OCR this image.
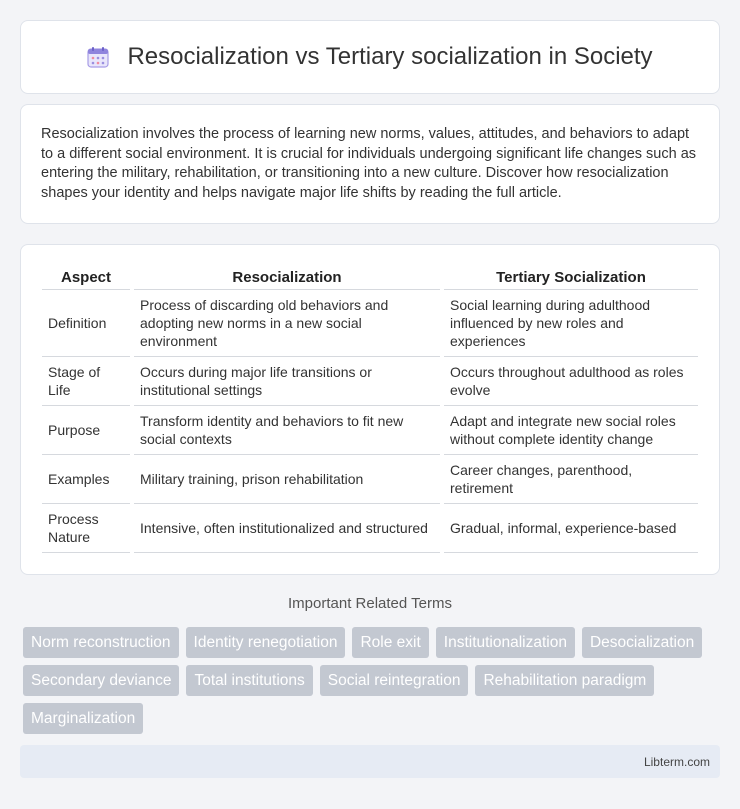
Resocialization vs Tertiary socialization in Society

Resocialization involves the process of learning new norms, values, attitudes, and behaviors to adapt to a different social environment. It is crucial for individuals undergoing significant life changes such as entering the military, rehabilitation, or transitioning into a new culture. Discover how resocialization shapes your identity and helps navigate major life shifts by reading the full article.

Aspect	Resocialization	Tertiary Socialization
Definition	Process of discarding old behaviors and adopting new norms in a new social environment	Social learning during adulthood influenced by new roles and experiences
Stage of Life	Occurs during major life transitions or institutional settings	Occurs throughout adulthood as roles evolve
Purpose	Transform identity and behaviors to fit new social contexts	Adapt and integrate new social roles without complete identity change
Examples	Military training, prison rehabilitation	Career changes, parenthood, retirement
Process Nature	Intensive, often institutionalized and structured	Gradual, informal, experience-based
Important Related Terms
Norm reconstruction	Identity renegotiation	Role exit	Institutionalization	Desocialization
Secondary deviance	Total institutions	Social reintegration	Rehabilitation paradigm
Marginalization
Libterm.com
